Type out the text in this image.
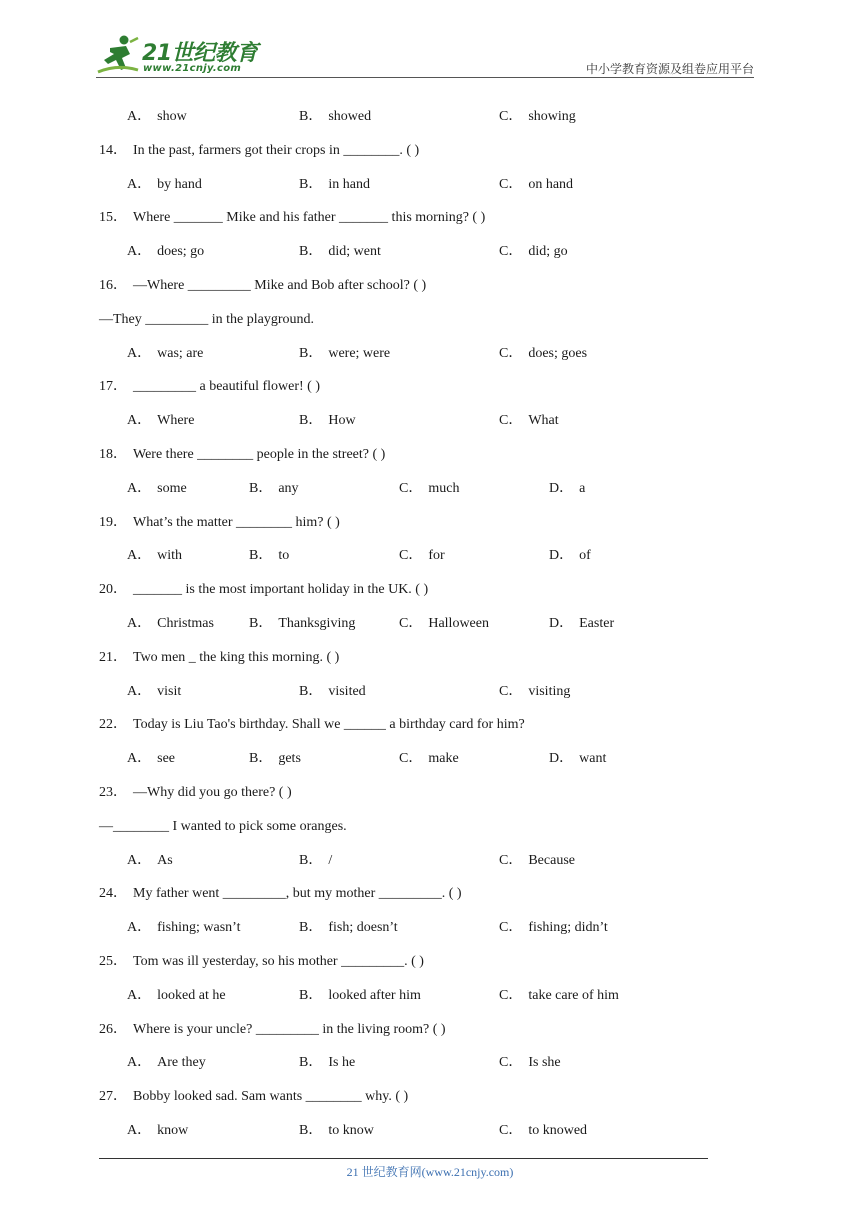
21世纪教育
www.21cnjy.com	中小学教育资源及组卷应用平台
A． show	B． showed	C． showing
14． In the past, farmers got their crops in ________. ( )
A． by hand	B． in hand	C． on hand
15． Where _______ Mike and his father _______ this morning? ( )
A． does; go	B． did; went	C． did; go
16． —Where _________ Mike and Bob after school? ( )
—They _________ in the playground.
A． was; are	B． were; were	C． does; goes
17． _________ a beautiful flower! ( )
A． Where	B． How	C． What
18． Were there ________ people in the street? ( )
A． some	B． any	C． much	D． a
19． What’s the matter ________ him? ( )
A． with	B． to	C． for	D． of
20． _______ is the most important holiday in the UK. ( )
A． Christmas	B． Thanksgiving	C． Halloween	D． Easter
21． Two men _ the king this morning. ( )
A． visit	B． visited	C． visiting
22． Today is Liu Tao's birthday. Shall we ______ a birthday card for him?
A． see	B． gets	C． make	D． want
23． —Why did you go there? ( )
—________ I wanted to pick some oranges.
A． As	B． /	C． Because
24． My father went _________, but my mother _________. ( )
A． fishing; wasn’t	B． fish; doesn’t	C． fishing; didn’t
25． Tom was ill yesterday, so his mother _________. ( )
A． looked at he	B． looked after him	C． take care of him
26． Where is your uncle? _________ in the living room? ( )
A． Are they	B． Is he	C． Is she
27． Bobby looked sad. Sam wants ________ why. ( )
A． know	B． to know	C． to knowed
21 世纪教育网(www.21cnjy.com)
